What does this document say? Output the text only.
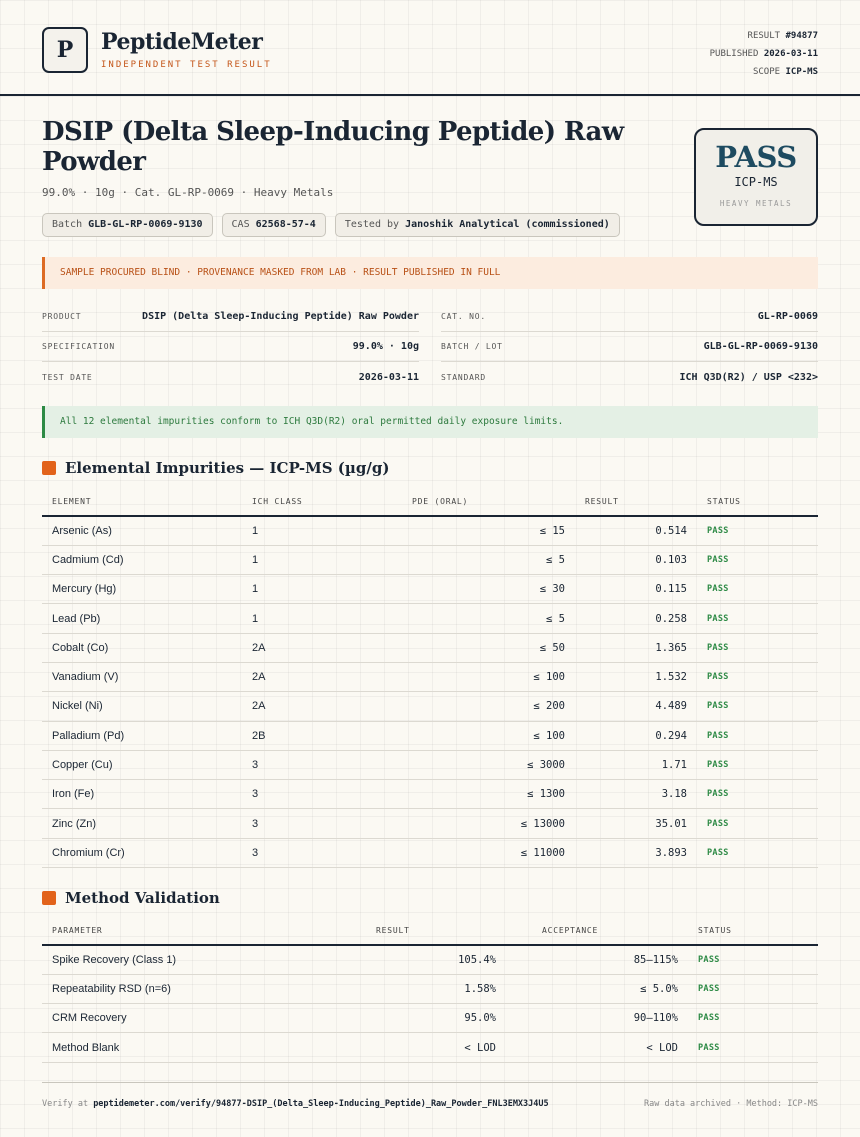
P	PeptideMeter
INDEPENDENT TEST RESULT
RESULT #94877
PUBLISHED 2026-03-11
SCOPE ICP-MS
DSIP (Delta Sleep-Inducing Peptide) Raw Powder
99.0% · 10g · Cat. GL-RP-0069 · Heavy Metals
Batch GLB-GL-RP-0069-9130	CAS 62568-57-4	Tested by Janoshik Analytical (commissioned)
PASS
ICP-MS
HEAVY METALS
SAMPLE PROCURED BLIND · PROVENANCE MASKED FROM LAB · RESULT PUBLISHED IN FULL
PRODUCT	DSIP (Delta Sleep-Inducing Peptide) Raw Powder	CAT. NO.	GL-RP-0069
SPECIFICATION	99.0% · 10g	BATCH / LOT	GLB-GL-RP-0069-9130
TEST DATE	2026-03-11	STANDARD	ICH Q3D(R2) / USP <232>
All 12 elemental impurities conform to ICH Q3D(R2) oral permitted daily exposure limits.
Elemental Impurities — ICP-MS (µg/g)
ELEMENT	ICH CLASS	PDE (ORAL)	RESULT	STATUS
Arsenic (As)	1	≤ 15	0.514	PASS
Cadmium (Cd)	1	≤ 5	0.103	PASS
Mercury (Hg)	1	≤ 30	0.115	PASS
Lead (Pb)	1	≤ 5	0.258	PASS
Cobalt (Co)	2A	≤ 50	1.365	PASS
Vanadium (V)	2A	≤ 100	1.532	PASS
Nickel (Ni)	2A	≤ 200	4.489	PASS
Palladium (Pd)	2B	≤ 100	0.294	PASS
Copper (Cu)	3	≤ 3000	1.71	PASS
Iron (Fe)	3	≤ 1300	3.18	PASS
Zinc (Zn)	3	≤ 13000	35.01	PASS
Chromium (Cr)	3	≤ 11000	3.893	PASS
Method Validation
PARAMETER	RESULT	ACCEPTANCE	STATUS
Spike Recovery (Class 1)	105.4%	85–115%	PASS
Repeatability RSD (n=6)	1.58%	≤ 5.0%	PASS
CRM Recovery	95.0%	90–110%	PASS
Method Blank	< LOD	< LOD	PASS
Verify at peptidemeter.com/verify/94877-DSIP_(Delta_Sleep-Inducing_Peptide)_Raw_Powder_FNL3EMX3J4U5	Raw data archived · Method: ICP-MS
